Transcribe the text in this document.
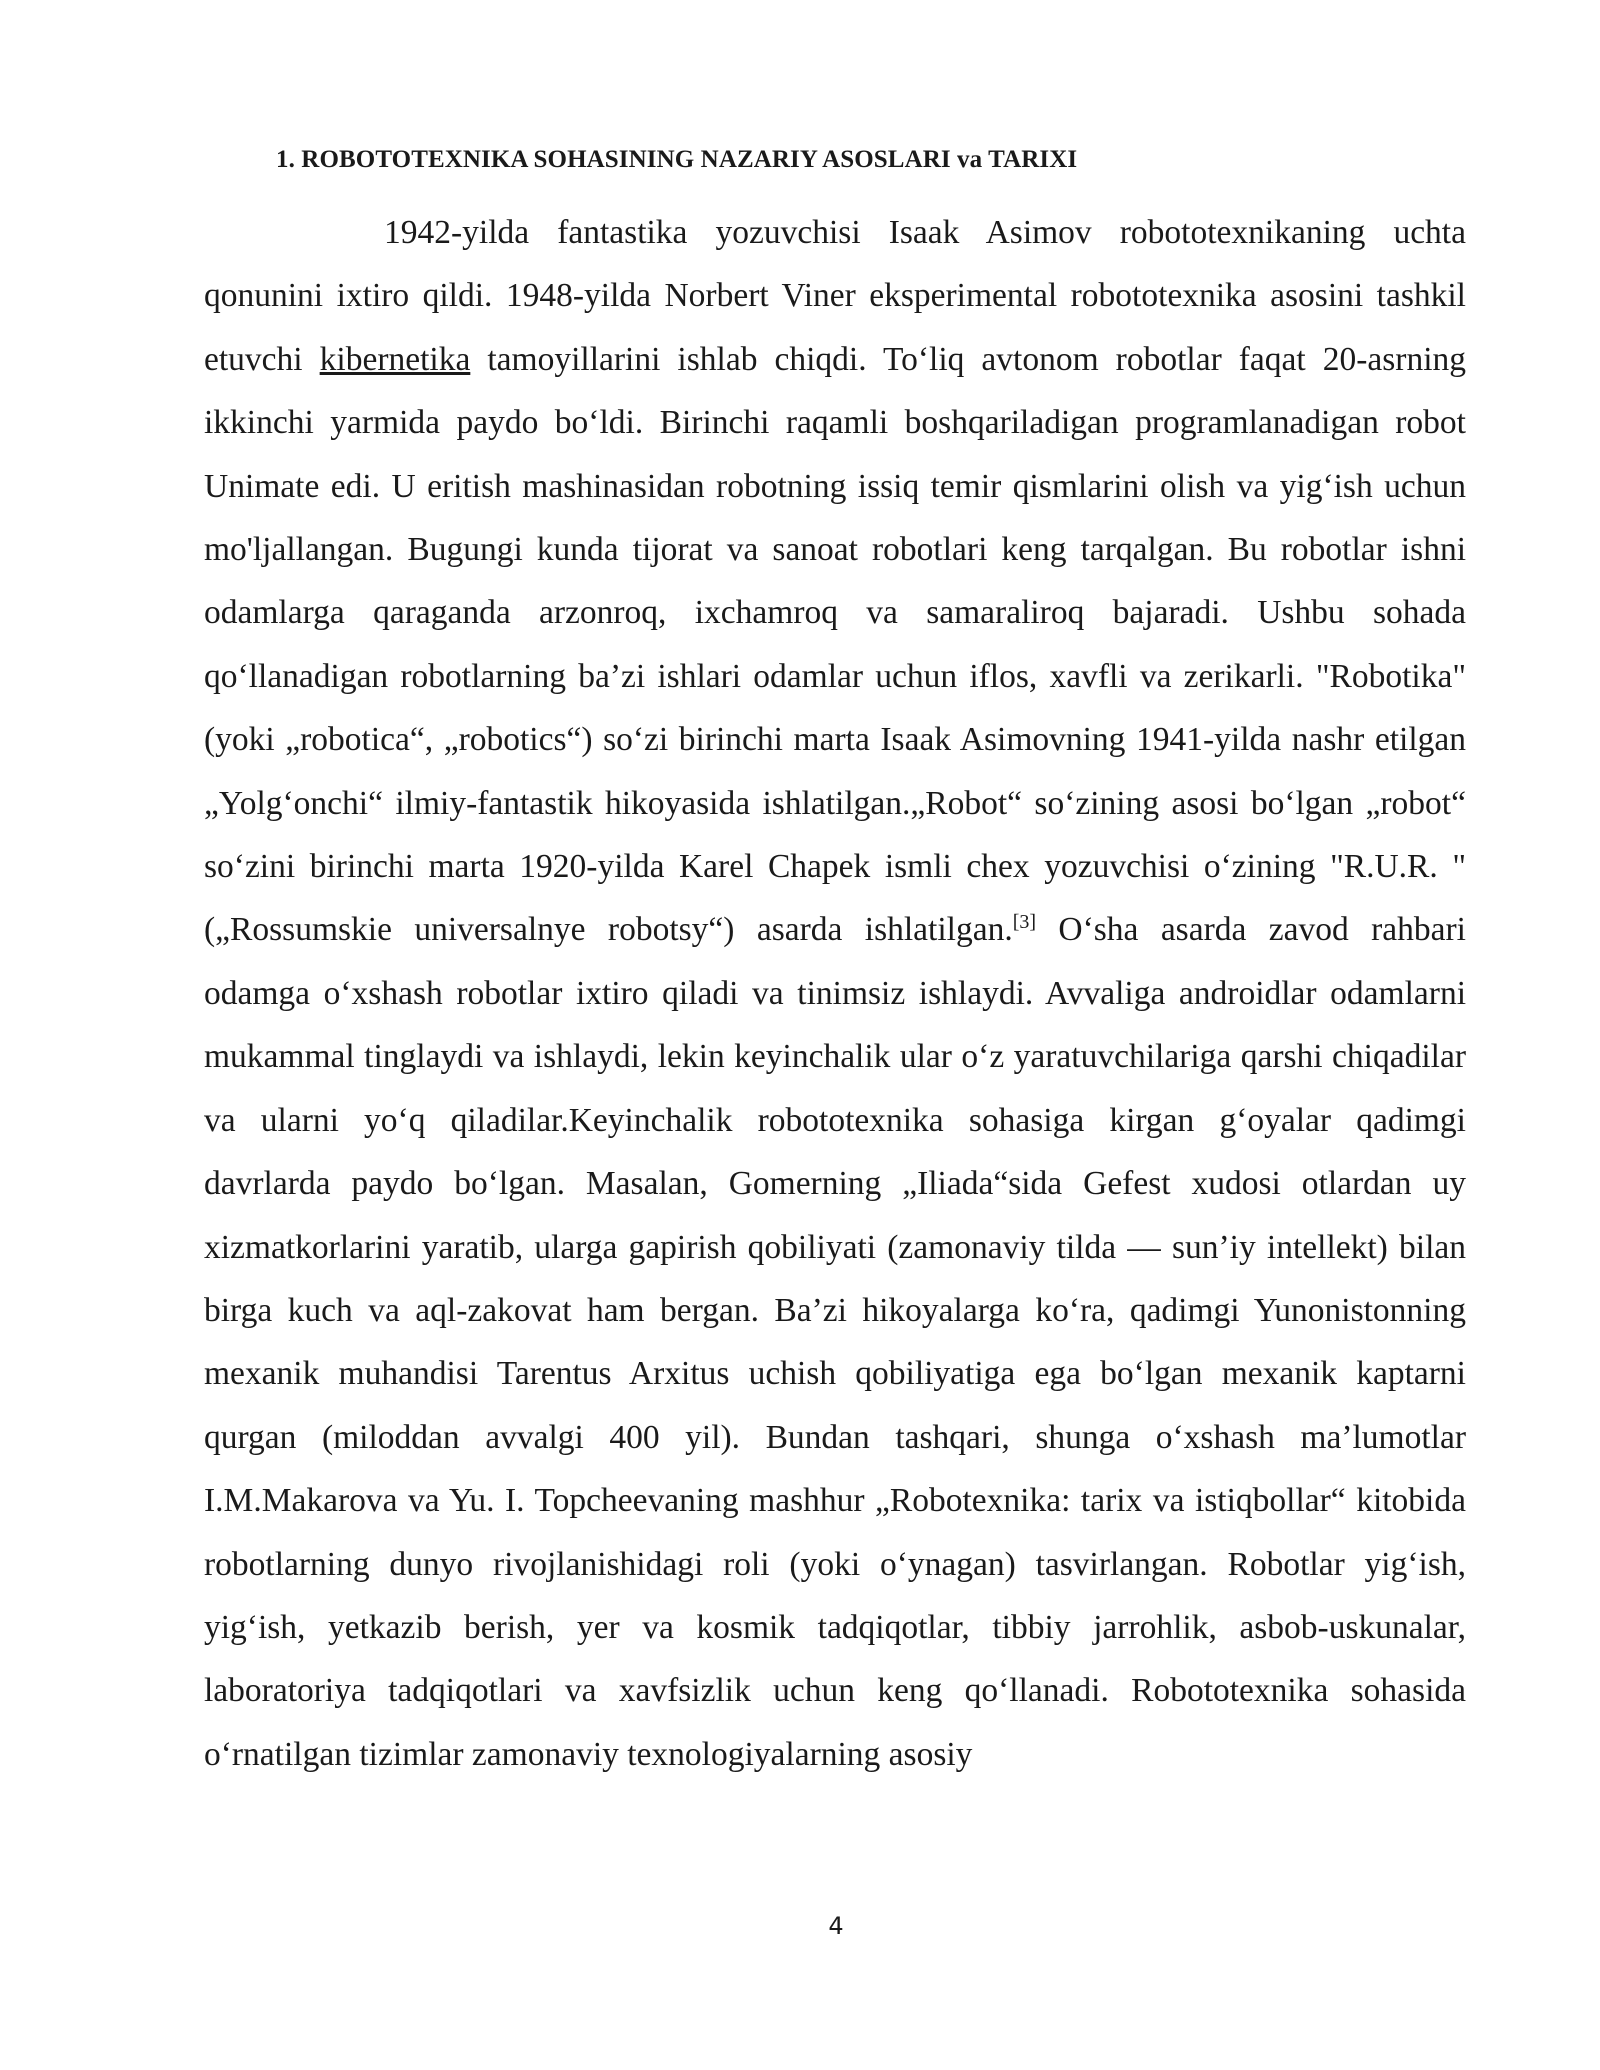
1. ROBOTOTEXNIKA SOHASINING NAZARIY ASOSLARI va TARIXI

1942-yilda fantastika yozuvchisi Isaak Asimov robototexnikaning uchta qonunini ixtiro qildi. 1948-yilda Norbert Viner eksperimental robototexnika asosini tashkil etuvchi kibernetika tamoyillarini ishlab chiqdi. To‘liq avtonom robotlar faqat 20-asrning ikkinchi yarmida paydo bo‘ldi. Birinchi raqamli boshqariladigan programlanadigan robot Unimate edi. U eritish mashinasidan robotning issiq temir qismlarini olish va yig‘ish uchun mo'ljallangan. Bugungi kunda tijorat va sanoat robotlari keng tarqalgan. Bu robotlar ishni odamlarga qaraganda arzonroq, ixchamroq va samaraliroq bajaradi. Ushbu sohada qo‘llanadigan robotlarning ba’zi ishlari odamlar uchun iflos, xavfli va zerikarli. "Robotika" (yoki „robotica“, „robotics“) so‘zi birinchi marta Isaak Asimovning 1941-yilda nashr etilgan „Yolg‘onchi“ ilmiy-fantastik hikoyasida ishlatilgan.„Robot“ so‘zining asosi bo‘lgan „robot“ so‘zini birinchi marta 1920-yilda Karel Chapek ismli chex yozuvchisi o‘zining "R.U.R. "(„Rossumskie universalnye robotsy“) asarda ishlatilgan.[3] O‘sha asarda zavod rahbari odamga o‘xshash robotlar ixtiro qiladi va tinimsiz ishlaydi. Avvaliga androidlar odamlarni mukammal tinglaydi va ishlaydi, lekin keyinchalik ular o‘z yaratuvchilariga qarshi chiqadilar va ularni yo‘q qiladilar.Keyinchalik robototexnika sohasiga kirgan g‘oyalar qadimgi davrlarda paydo bo‘lgan. Masalan, Gomerning „Iliada“sida Gefest xudosi otlardan uy xizmatkorlarini yaratib, ularga gapirish qobiliyati (zamonaviy tilda — sun’iy intellekt) bilan birga kuch va aql-zakovat ham bergan. Ba’zi hikoyalarga ko‘ra, qadimgi Yunonistonning mexanik muhandisi Tarentus Arxitus uchish qobiliyatiga ega bo‘lgan mexanik kaptarni qurgan (miloddan avvalgi 400 yil). Bundan tashqari, shunga o‘xshash ma’lumotlar I.M.Makarova va Yu. I. Topcheevaning mashhur „Robotexnika: tarix va istiqbollar“ kitobida robotlarning dunyo rivojlanishidagi roli (yoki o‘ynagan) tasvirlangan. Robotlar yig‘ish, yig‘ish, yetkazib berish, yer va kosmik tadqiqotlar, tibbiy jarrohlik, asbob-uskunalar, laboratoriya tadqiqotlari va xavfsizlik uchun keng qo‘llanadi. Robototexnika sohasida o‘rnatilgan tizimlar zamonaviy texnologiyalarning asosiy

4
